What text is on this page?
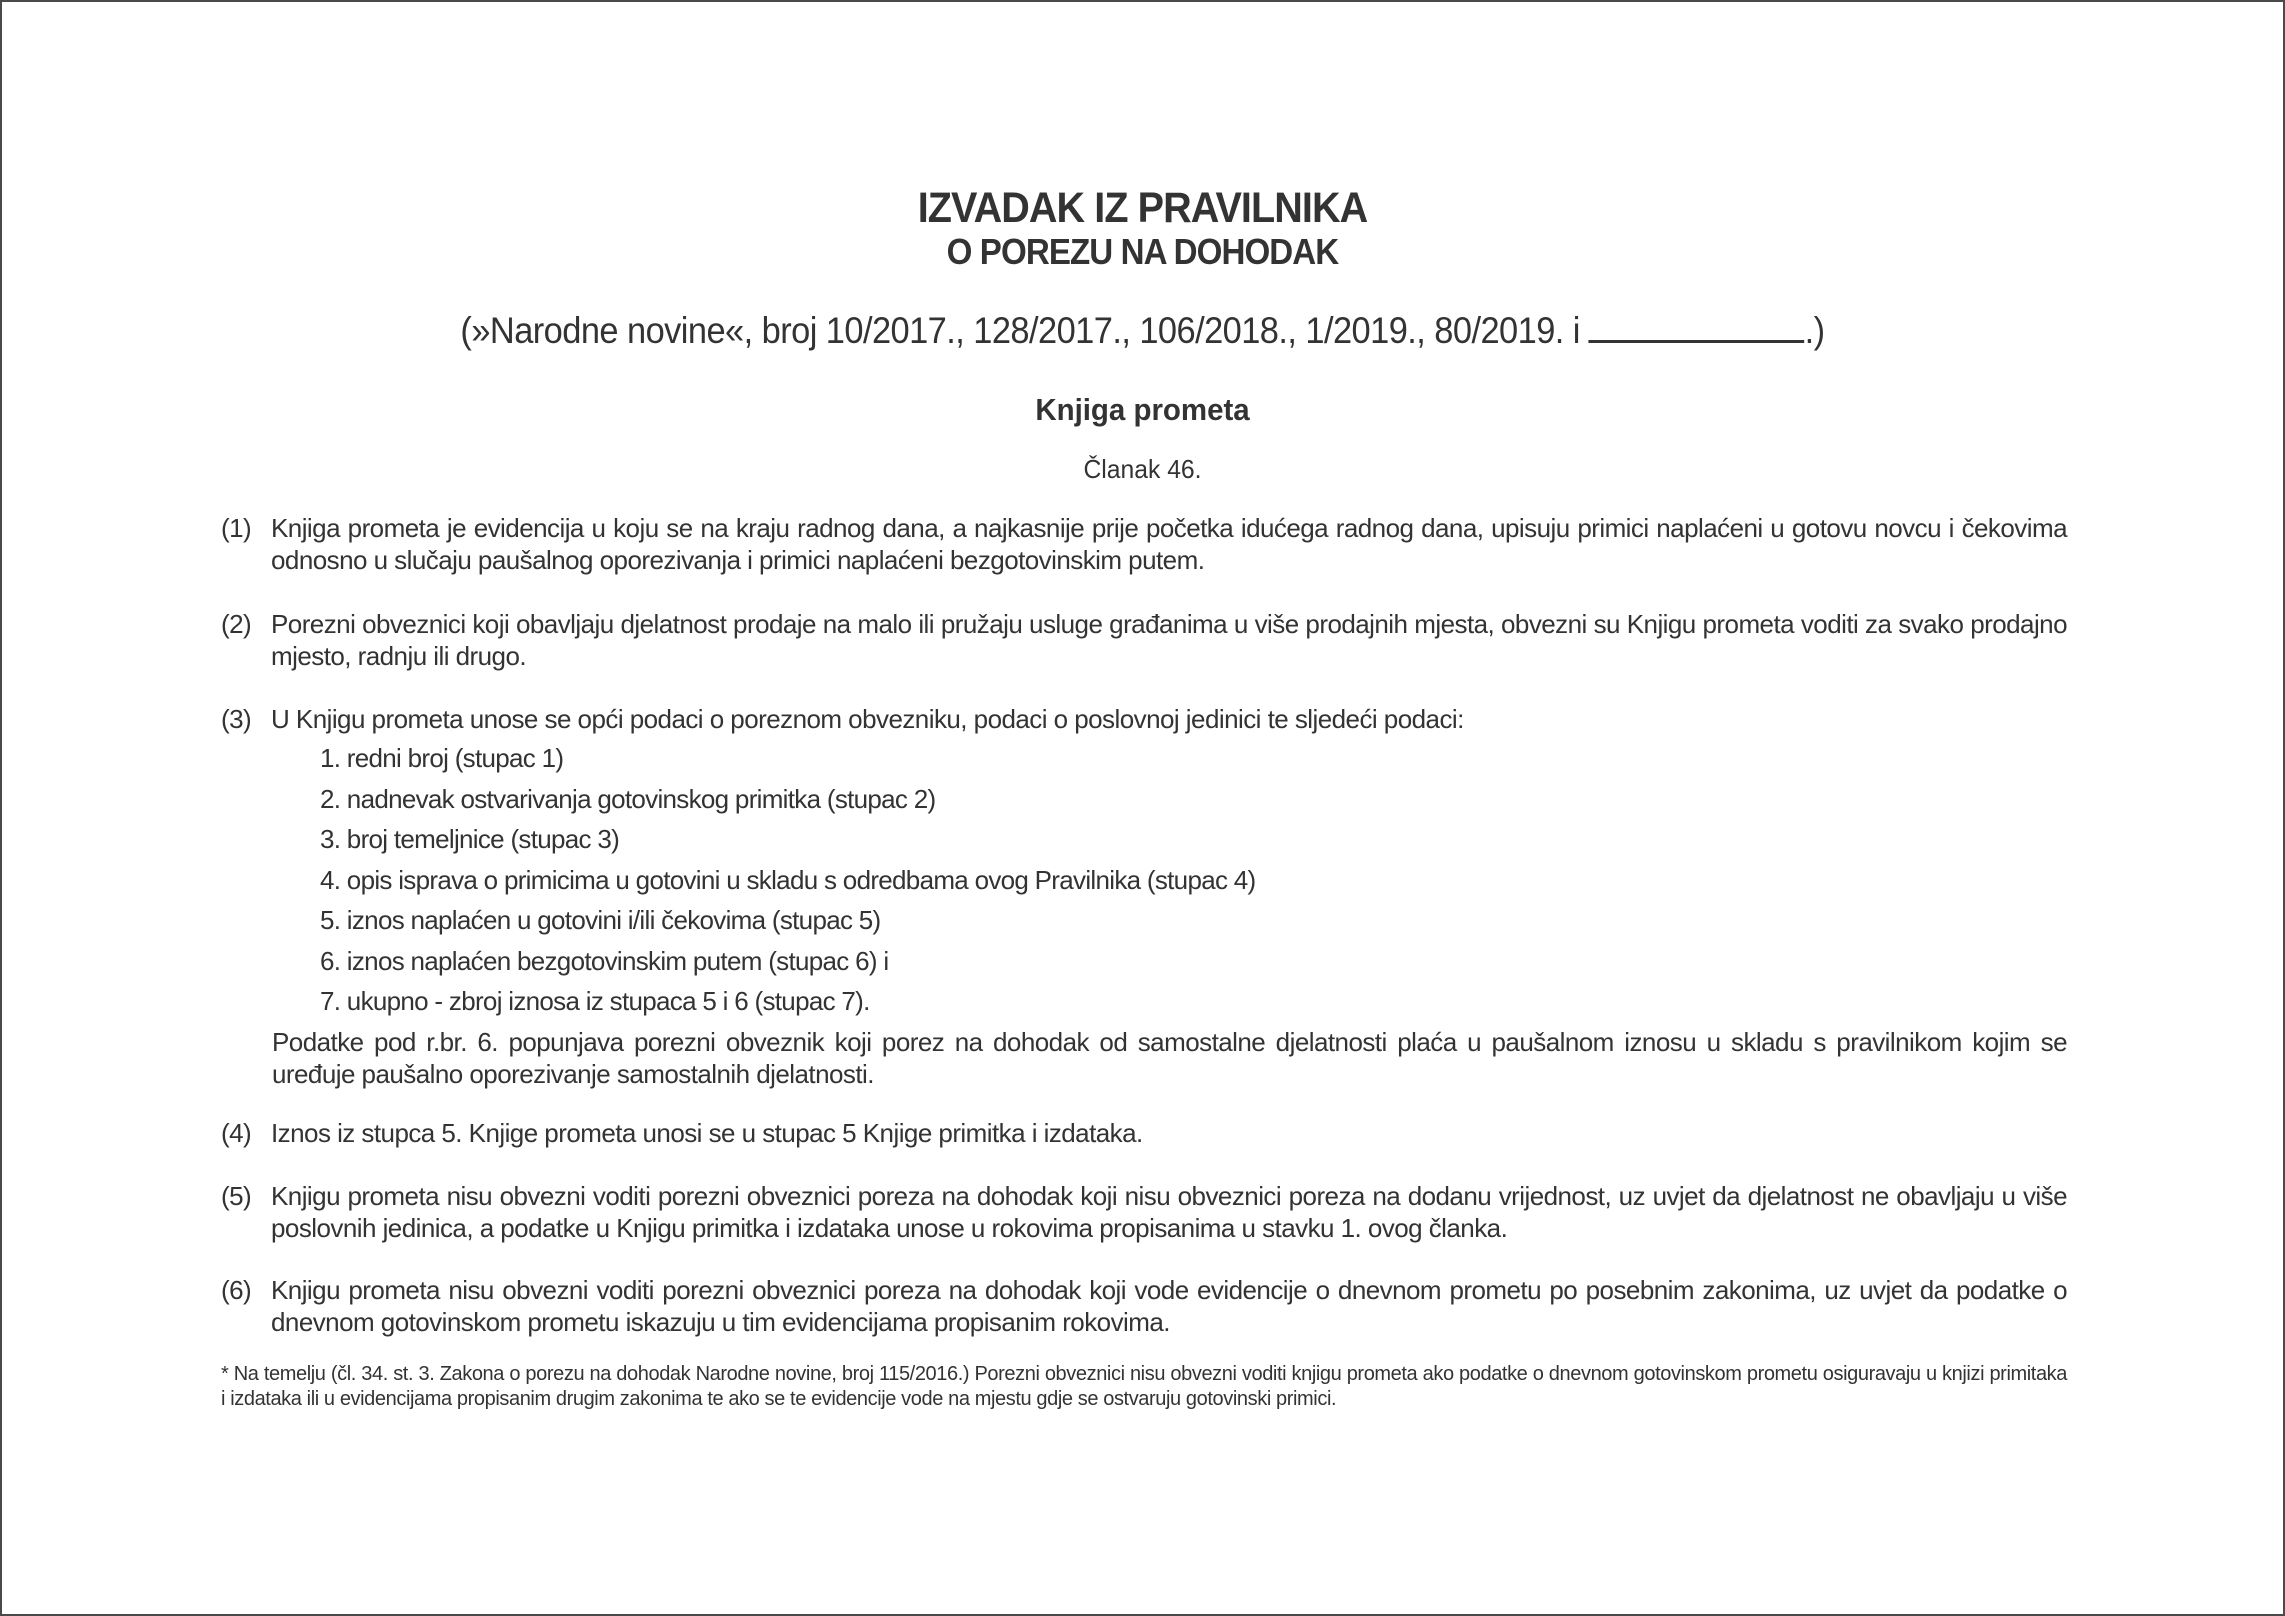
IZVADAK IZ PRAVILNIKA
O POREZU NA DOHODAK
(»Narodne novine«, broj 10/2017., 128/2017., 106/2018., 1/2019., 80/2019. i	.)
Knjiga prometa
Članak 46.
(1) Knjiga prometa je evidencija u koju se na kraju radnog dana, a najkasnije prije početka idućega radnog dana, upisuju primici naplaćeni u gotovu novcu i čekovima odnosno u slučaju paušalnog oporezivanja i primici naplaćeni bezgotovinskim putem.
(2) Porezni obveznici koji obavljaju djelatnost prodaje na malo ili pružaju usluge građanima u više prodajnih mjesta, obvezni su Knjigu prometa voditi za svako prodajno mjesto, radnju ili drugo.
(3) U Knjigu prometa unose se opći podaci o poreznom obvezniku, podaci o poslovnoj jedinici te sljedeći podaci:
1. redni broj (stupac 1)
2. nadnevak ostvarivanja gotovinskog primitka (stupac 2)
3. broj temeljnice (stupac 3)
4. opis isprava o primicima u gotovini u skladu s odredbama ovog Pravilnika (stupac 4)
5. iznos naplaćen u gotovini i/ili čekovima (stupac 5)
6. iznos naplaćen bezgotovinskim putem (stupac 6) i
7. ukupno - zbroj iznosa iz stupaca 5 i 6 (stupac 7).
Podatke pod r.br. 6. popunjava porezni obveznik koji porez na dohodak od samostalne djelatnosti plaća u paušalnom iznosu u skladu s pravilnikom kojim se uređuje paušalno oporezivanje samostalnih djelatnosti.
(4) Iznos iz stupca 5. Knjige prometa unosi se u stupac 5 Knjige primitka i izdataka.
(5) Knjigu prometa nisu obvezni voditi porezni obveznici poreza na dohodak koji nisu obveznici poreza na dodanu vrijednost, uz uvjet da djelatnost ne obavljaju u više poslovnih jedinica, a podatke u Knjigu primitka i izdataka unose u rokovima propisanima u stavku 1. ovog članka.
(6) Knjigu prometa nisu obvezni voditi porezni obveznici poreza na dohodak koji vode evidencije o dnevnom prometu po posebnim zakonima, uz uvjet da podatke o dnevnom gotovinskom prometu iskazuju u tim evidencijama propisanim rokovima.
* Na temelju (čl. 34. st. 3. Zakona o porezu na dohodak Narodne novine, broj 115/2016.) Porezni obveznici nisu obvezni voditi knjigu prometa ako podatke o dnevnom gotovinskom prometu osiguravaju u knjizi primitaka i izdataka ili u evidencijama propisanim drugim zakonima te ako se te evidencije vode na mjestu gdje se ostvaruju gotovinski primici.
